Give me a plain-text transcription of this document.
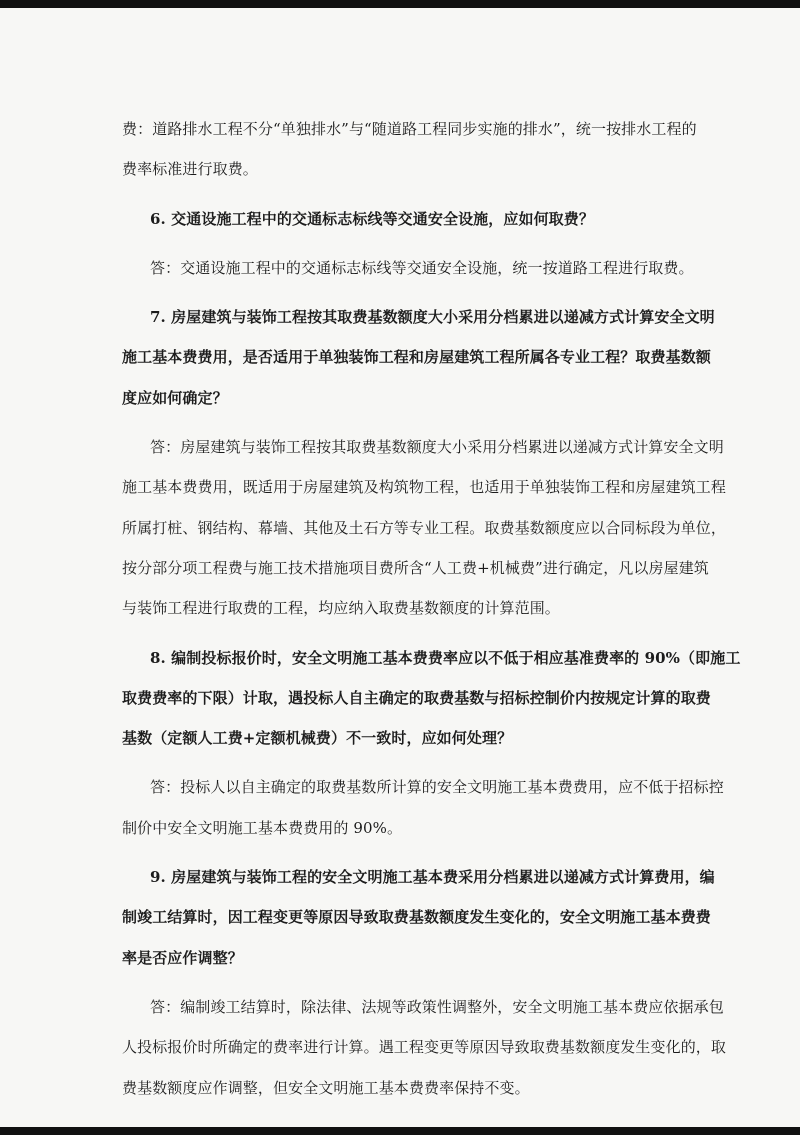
费：道路排水工程不分“单独排水”与“随道路工程同步实施的排水”，统一按排水工程的
费率标准进行取费。
6. 交通设施工程中的交通标志标线等交通安全设施，应如何取费？
答：交通设施工程中的交通标志标线等交通安全设施，统一按道路工程进行取费。
7. 房屋建筑与装饰工程按其取费基数额度大小采用分档累进以递减方式计算安全文明
施工基本费费用，是否适用于单独装饰工程和房屋建筑工程所属各专业工程？取费基数额
度应如何确定？
答：房屋建筑与装饰工程按其取费基数额度大小采用分档累进以递减方式计算安全文明
施工基本费费用，既适用于房屋建筑及构筑物工程，也适用于单独装饰工程和房屋建筑工程
所属打桩、钢结构、幕墙、其他及土石方等专业工程。取费基数额度应以合同标段为单位，
按分部分项工程费与施工技术措施项目费所含“人工费+机械费”进行确定，凡以房屋建筑
与装饰工程进行取费的工程，均应纳入取费基数额度的计算范围。
8. 编制投标报价时，安全文明施工基本费费率应以不低于相应基准费率的 90%（即施工
取费费率的下限）计取，遇投标人自主确定的取费基数与招标控制价内按规定计算的取费
基数（定额人工费+定额机械费）不一致时，应如何处理？
答：投标人以自主确定的取费基数所计算的安全文明施工基本费费用，应不低于招标控
制价中安全文明施工基本费费用的 90%。
9. 房屋建筑与装饰工程的安全文明施工基本费采用分档累进以递减方式计算费用，编
制竣工结算时，因工程变更等原因导致取费基数额度发生变化的，安全文明施工基本费费
率是否应作调整？
答：编制竣工结算时，除法律、法规等政策性调整外，安全文明施工基本费应依据承包
人投标报价时所确定的费率进行计算。遇工程变更等原因导致取费基数额度发生变化的，取
费基数额度应作调整，但安全文明施工基本费费率保持不变。
